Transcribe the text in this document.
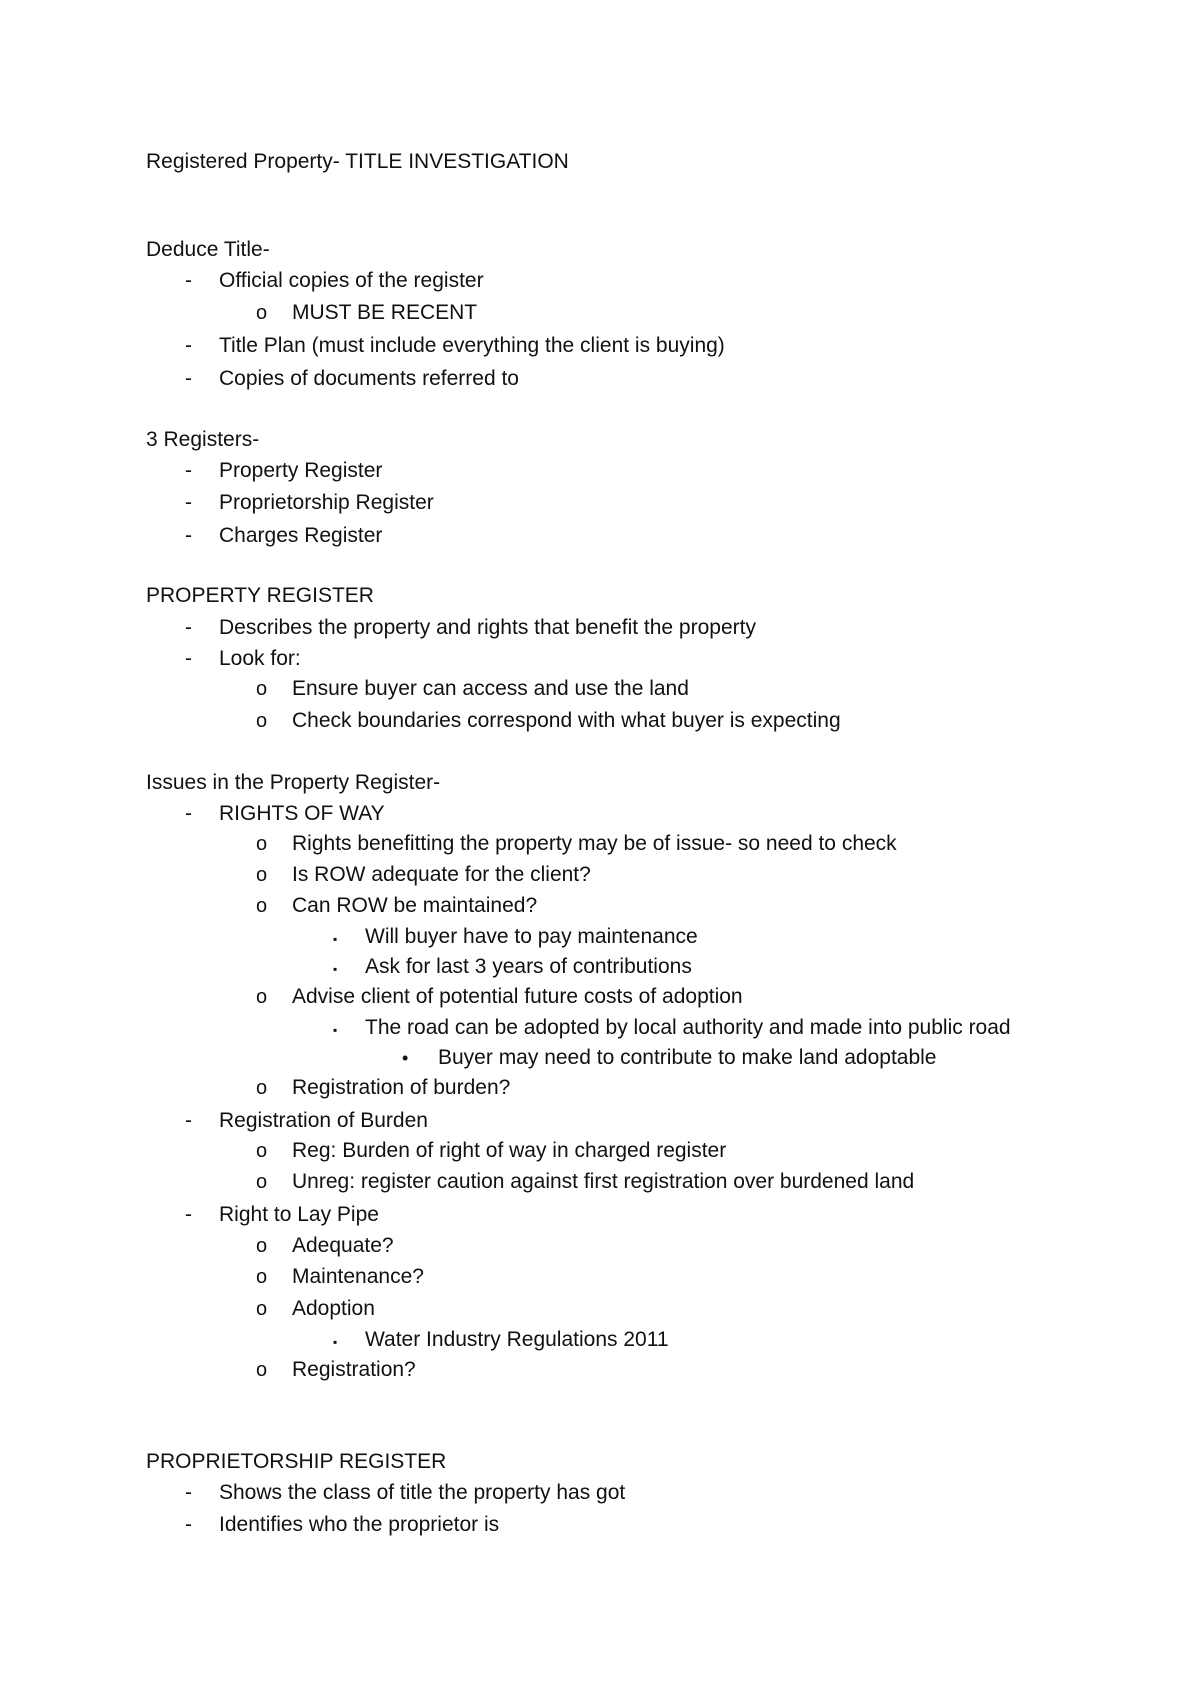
Registered Property- TITLE INVESTIGATION
Deduce Title-
- Official copies of the register
o MUST BE RECENT
- Title Plan (must include everything the client is buying)
- Copies of documents referred to
3 Registers-
- Property Register
- Proprietorship Register
- Charges Register
PROPERTY REGISTER
- Describes the property and rights that benefit the property
- Look for:
o Ensure buyer can access and use the land
o Check boundaries correspond with what buyer is expecting
Issues in the Property Register-
- RIGHTS OF WAY
o Rights benefitting the property may be of issue- so need to check
o Is ROW adequate for the client?
o Can ROW be maintained?
▪ Will buyer have to pay maintenance
▪ Ask for last 3 years of contributions
o Advise client of potential future costs of adoption
▪ The road can be adopted by local authority and made into public road
• Buyer may need to contribute to make land adoptable
o Registration of burden?
- Registration of Burden
o Reg: Burden of right of way in charged register
o Unreg: register caution against first registration over burdened land
- Right to Lay Pipe
o Adequate?
o Maintenance?
o Adoption
▪ Water Industry Regulations 2011
o Registration?
PROPRIETORSHIP REGISTER
- Shows the class of title the property has got
- Identifies who the proprietor is
